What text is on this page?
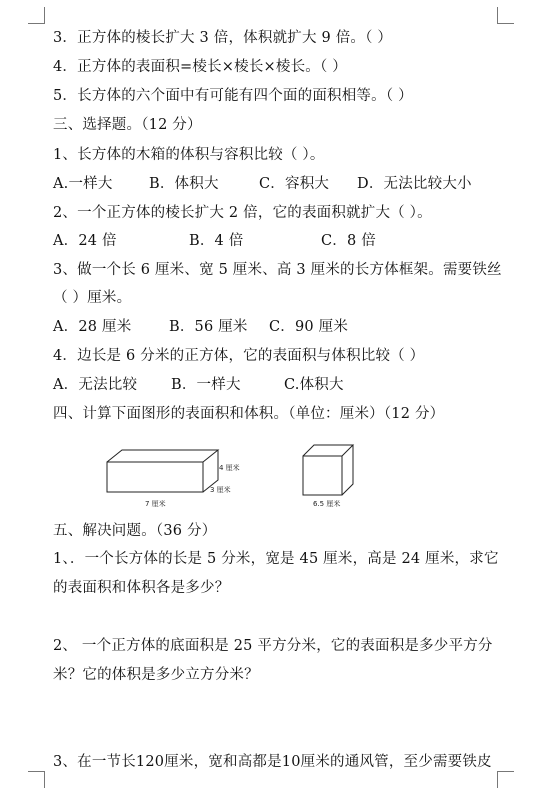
3．正方体的棱长扩大 3 倍，体积就扩大 9 倍。（ ）

4．正方体的表面积=棱长×棱长×棱长。（ ）

5．长方体的六个面中有可能有四个面的面积相等。（ ）

三、选择题。（12 分）

1、长方体的木箱的体积与容积比较（ ）。

A.一样大	B．体积大	C．容积大 D．无法比较大小

2、一个正方体的棱长扩大 2 倍，它的表面积就扩大（ ）。

A．24 倍	B．4 倍	C．8 倍

3、做一个长 6 厘米、宽 5 厘米、高 3 厘米的长方体框架。需要铁丝

（ ）厘米。

A．28 厘米	B．56 厘米 C．90 厘米

4．边长是 6 分米的正方体，它的表面积与体积比较（ ）

A．无法比较 B．一样大	C.体积大

四、计算下面图形的表面积和体积。（单位：厘米）（12 分）

4 厘米
3 厘米
7 厘米	6.5 厘米

五、解决问题。（36 分）

1、．一个长方体的长是 5 分米，宽是 45 厘米，高是 24 厘米，求它

的表面积和体积各是多少？

2、 一个正方体的底面积是 25 平方分米，它的表面积是多少平方分

米？它的体积是多少立方分米？

3、在一节长120厘米，宽和高都是10厘米的通风管，至少需要铁皮
